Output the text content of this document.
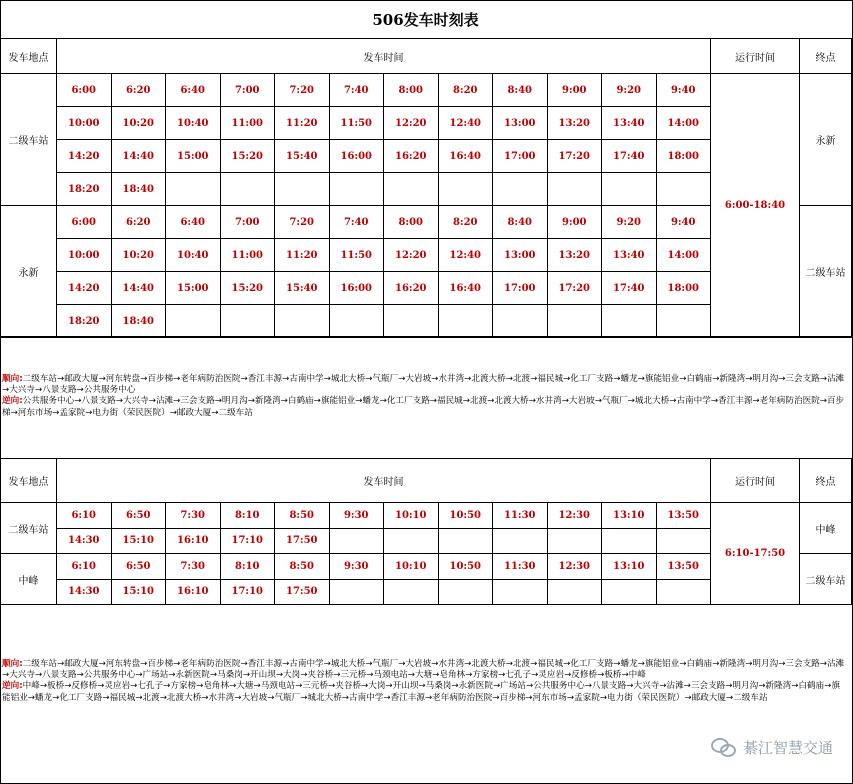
506发车时刻表
发车地点	发车时间												运行时间	终点
二级车站	6:00	6:20	6:40	7:00	7:20	7:40	8:00	8:20	8:40	9:00	9:20	9:40	6:00-18:40	永新
	10:00	10:20	10:40	11:00	11:20	11:50	12:20	12:40	13:00	13:20	13:40	14:00		
	14:20	14:40	15:00	15:20	15:40	16:00	16:20	16:40	17:00	17:20	17:40	18:00		
	18:20	18:40												
永新	6:00	6:20	6:40	7:00	7:20	7:40	8:00	8:20	8:40	9:00	9:20	9:40		二级车站
	10:00	10:20	10:40	11:00	11:20	11:50	12:20	12:40	13:00	13:20	13:40	14:00		
	14:20	14:40	15:00	15:20	15:40	16:00	16:20	16:40	17:00	17:20	17:40	18:00		
	18:20	18:40												
顺向:二级车站→邮政大厦→河东转盘→百步梯→老年病防治医院→香江丰源→古南中学→城北大桥→气瓶厂→大岩坡→水井湾→北渡大桥→北渡→福民城→化工厂支路→蟠龙→旗能铝业→白鹤庙→新隆湾→明月沟→三会支路→沾滩→大兴寺→八景支路→公共服务中心
逆向:公共服务中心→八景支路→大兴寺→沾滩→三会支路→明月沟→新隆湾→白鹤庙→旗能铝业→蟠龙→化工厂支路→福民城→北渡→北渡大桥→水井湾→大岩坡→气瓶厂→城北大桥→古南中学→香江丰源→老年病防治医院→百步梯→河东市场→孟家院→电力街（荣民医院）→邮政大厦→二级车站
发车地点	发车时间												运行时间	终点
二级车站	6:10	6:50	7:30	8:10	8:50	9:30	10:10	10:50	11:30	12:30	13:10	13:50	6:10-17:50	中峰
	14:30	15:10	16:10	17:10	17:50									
中峰	6:10	6:50	7:30	8:10	8:50	9:30	10:10	10:50	11:30	12:30	13:10	13:50		二级车站
	14:30	15:10	16:10	17:10	17:50									
顺向:二级车站→邮政大厦→河东转盘→百步梯→老年病防治医院→香江丰源→古南中学→城北大桥→气瓶厂→大岩坡→水井湾→北渡大桥→北渡→福民城→化工厂支路→蟠龙→旗能铝业→白鹤庙→新隆湾→明月沟→三会支路→沾滩→大兴寺→八景支路→公共服务中心→广场站→永新医院→马桑岗→开山坝→大岗→夹谷桥→三元桥→马颈电站→大塘→皂角林→方家榜→七孔子→灵应岩→反修桥→板桥→中峰
逆向:中峰→板桥→反修桥→灵应岩→七孔子→方家榜→皂角林→大塘→马颈电站→三元桥→夹谷桥→大岗→开山坝→马桑岗→永新医院→广场站→公共服务中心→八景支路→大兴寺→沾滩→三会支路→明月沟→新隆湾→白鹤庙→旗能铝业→蟠龙→化工厂支路→福民城→北渡→北渡大桥→水井湾→大岩坡→气瓶厂→城北大桥→古南中学→香江丰源→老年病防治医院→百步梯→河东市场→孟家院→电力街（荣民医院）→邮政大厦→二级车站
綦江智慧交通
